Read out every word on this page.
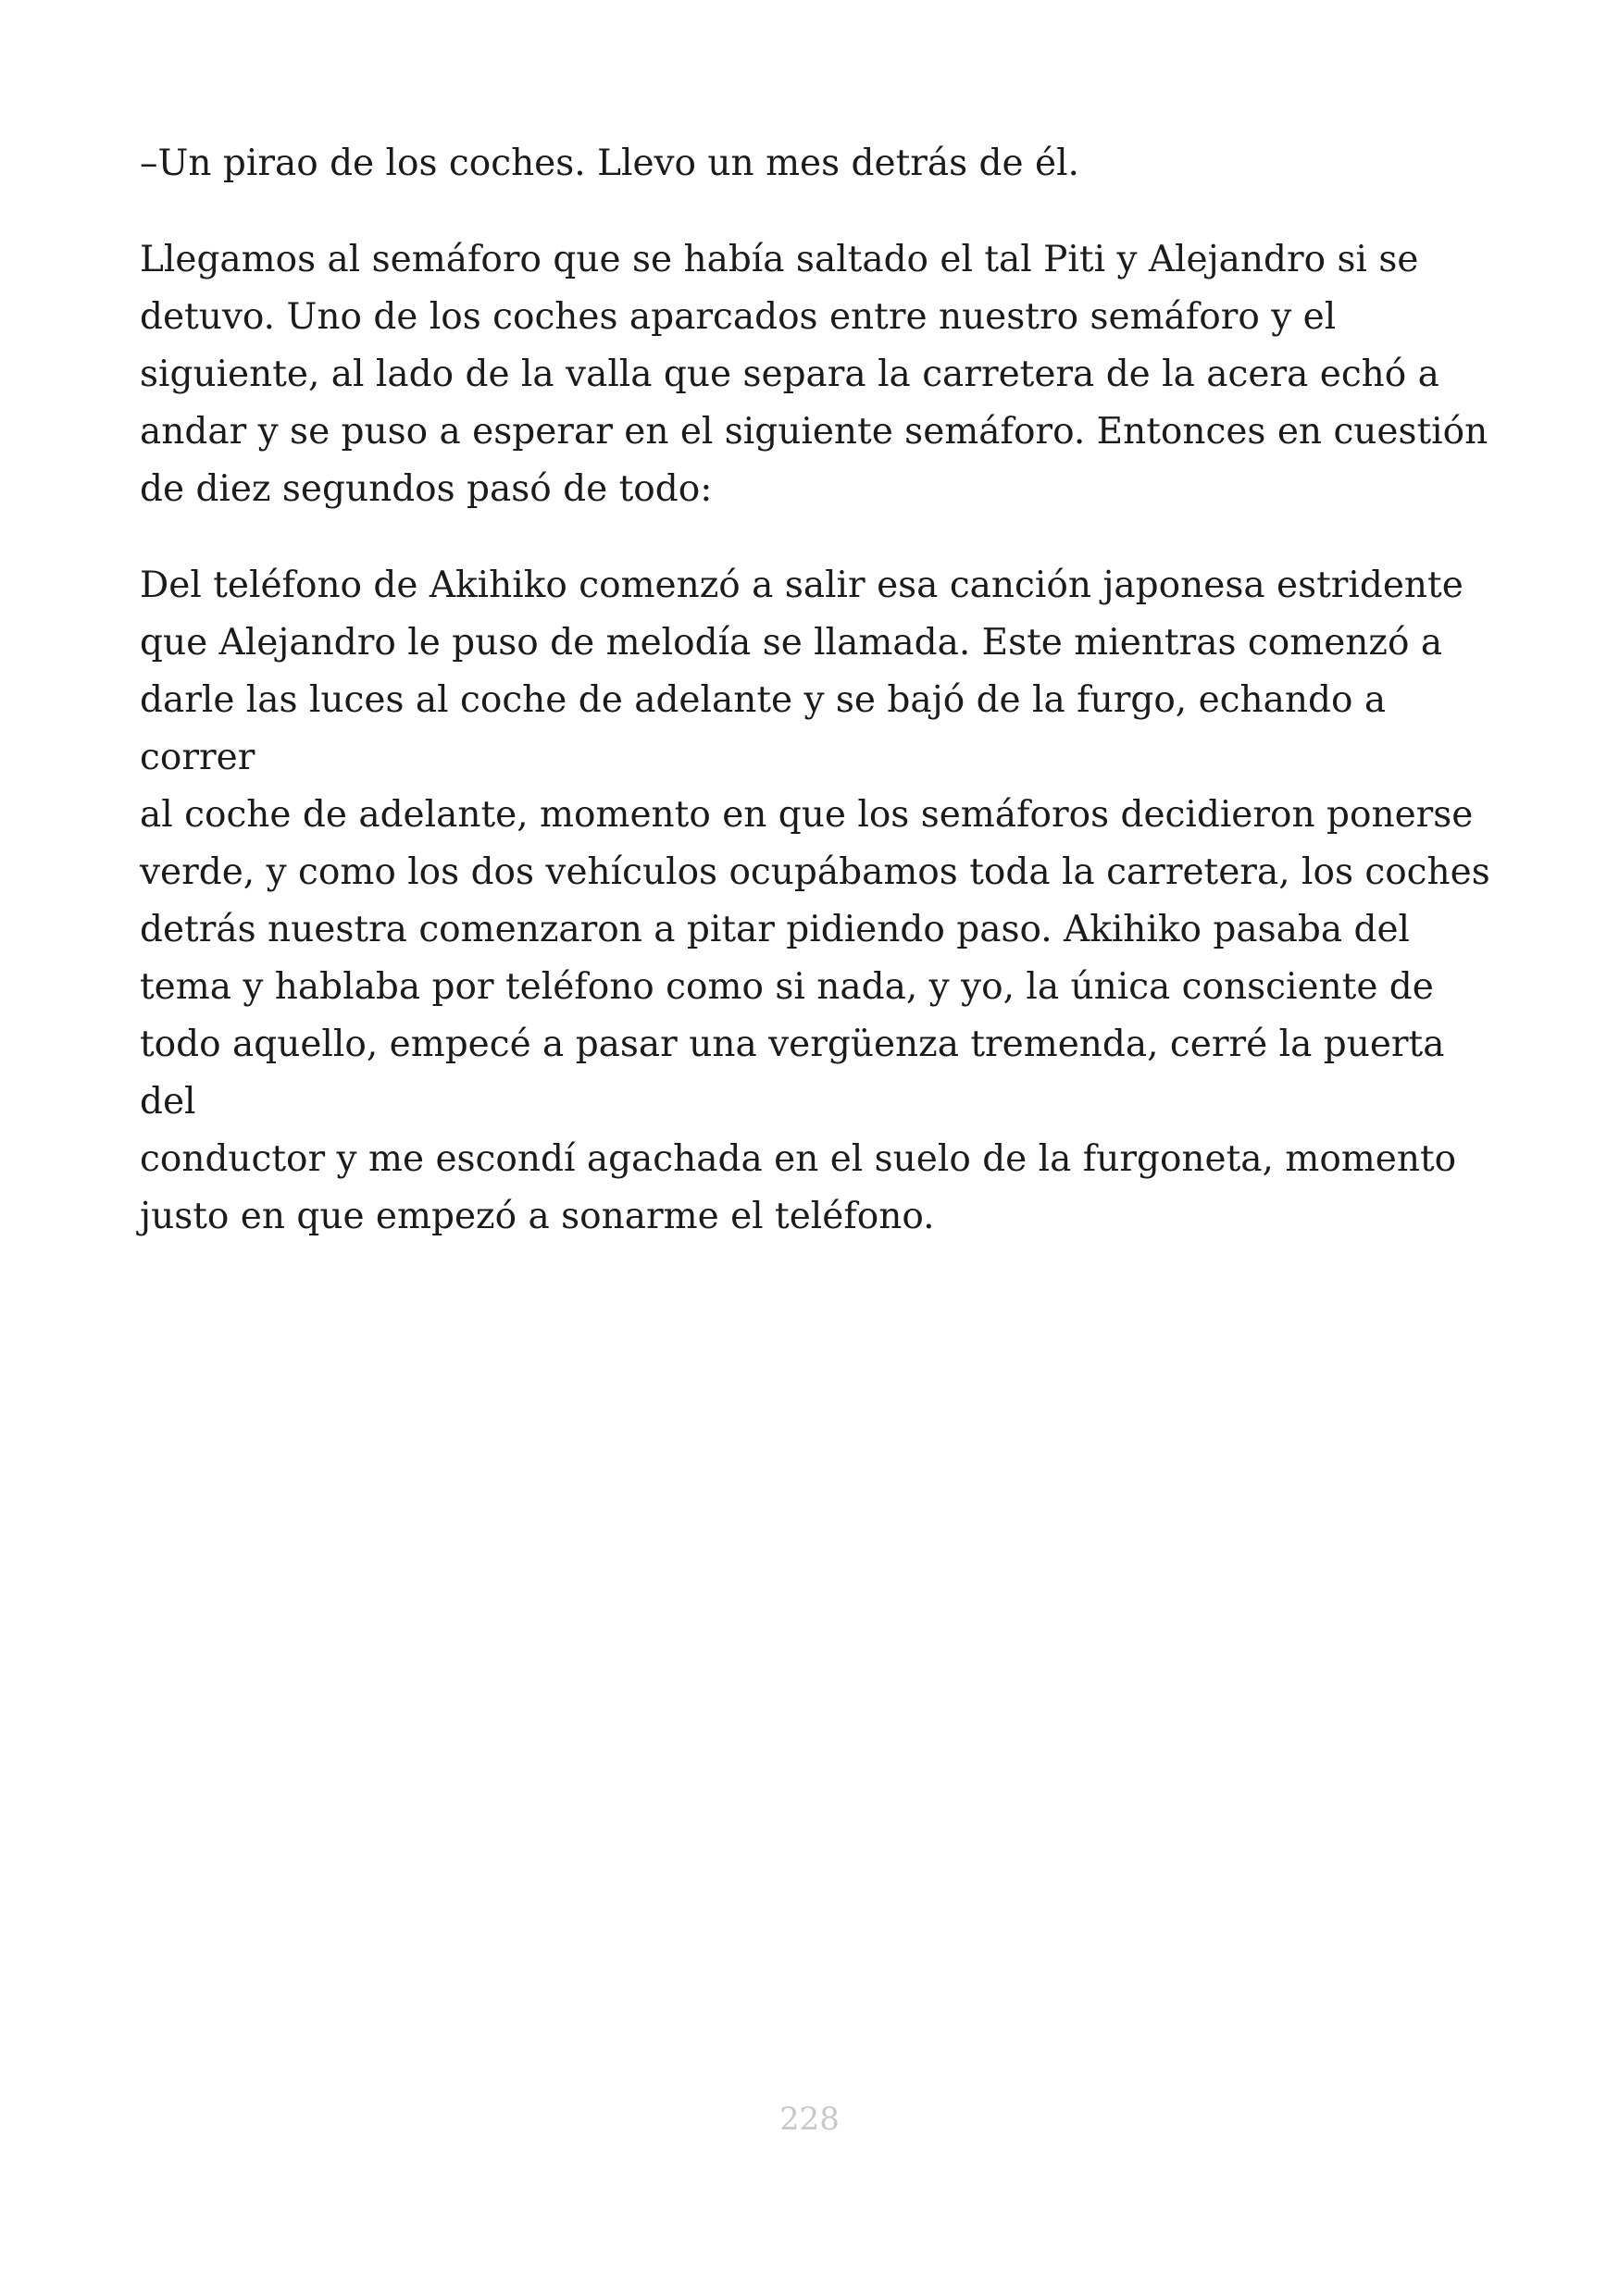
–Un pirao de los coches. Llevo un mes detrás de él.

Llegamos al semáforo que se había saltado el tal Piti y Alejandro si se
detuvo. Uno de los coches aparcados entre nuestro semáforo y el
siguiente, al lado de la valla que separa la carretera de la acera echó a
andar y se puso a esperar en el siguiente semáforo. Entonces en cuestión
de diez segundos pasó de todo:

Del teléfono de Akihiko comenzó a salir esa canción japonesa estridente
que Alejandro le puso de melodía se llamada. Este mientras comenzó a
darle las luces al coche de adelante y se bajó de la furgo, echando a correr
al coche de adelante, momento en que los semáforos decidieron ponerse
verde, y como los dos vehículos ocupábamos toda la carretera, los coches
detrás nuestra comenzaron a pitar pidiendo paso. Akihiko pasaba del
tema y hablaba por teléfono como si nada, y yo, la única consciente de
todo aquello, empecé a pasar una vergüenza tremenda, cerré la puerta del
conductor y me escondí agachada en el suelo de la furgoneta, momento
justo en que empezó a sonarme el teléfono.

228
